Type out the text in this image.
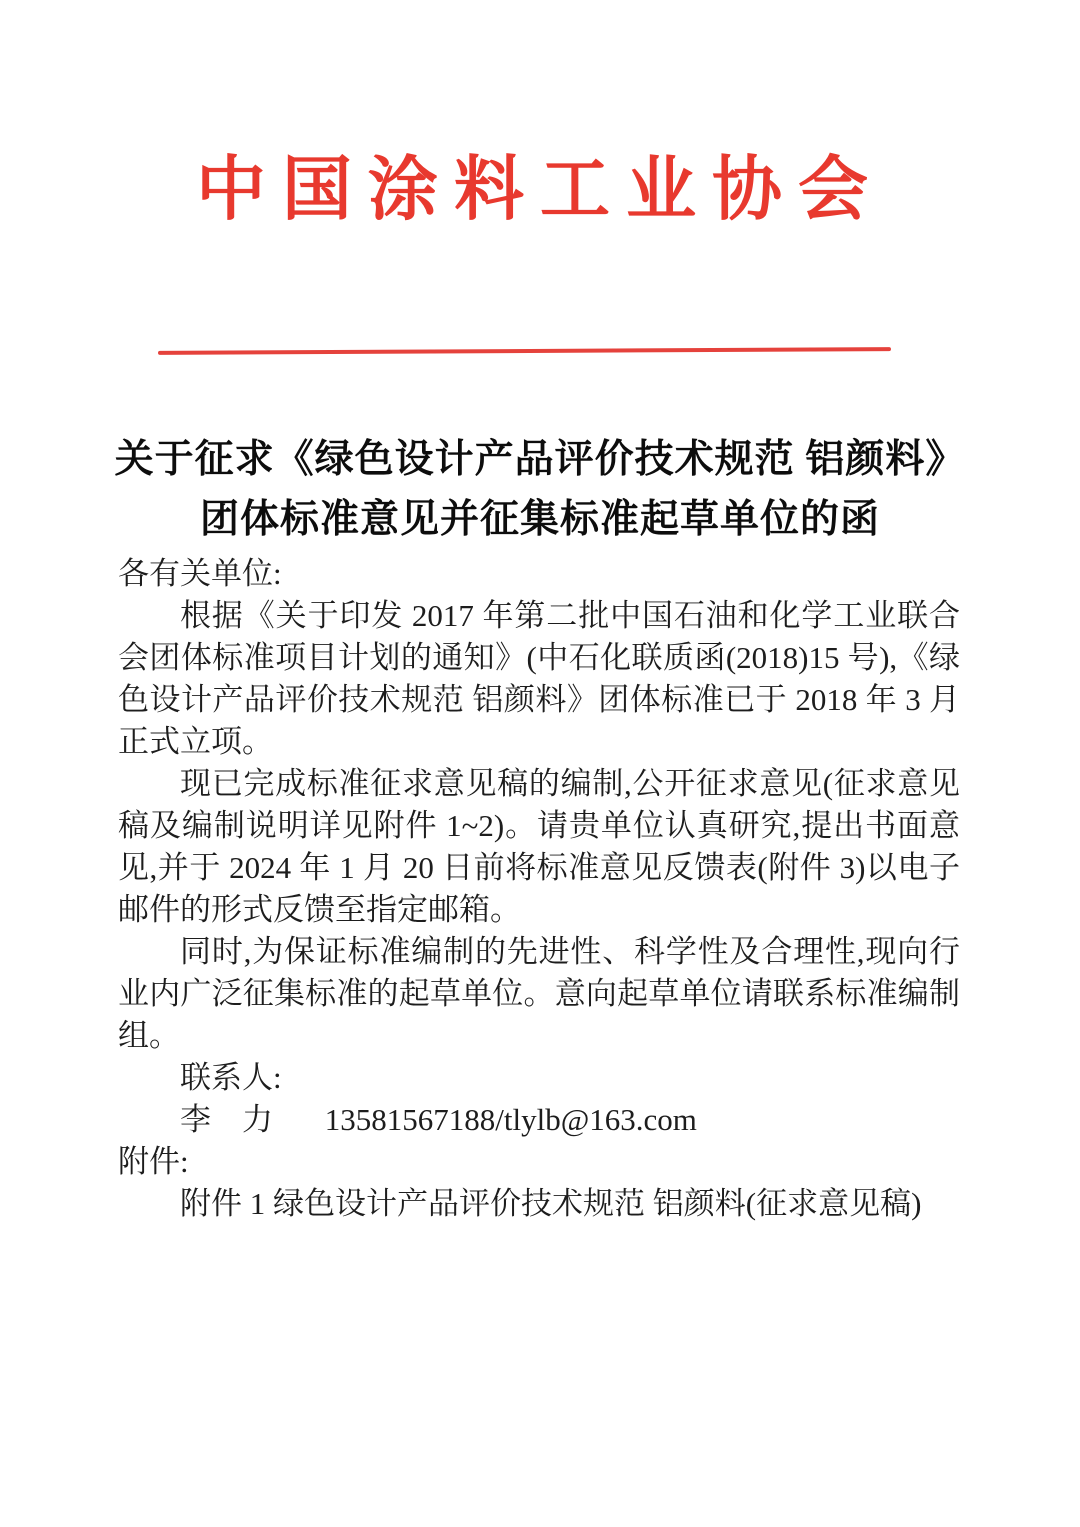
中国涂料工业协会
关于征求《绿色设计产品评价技术规范 铝颜料》
团体标准意见并征集标准起草单位的函

各有关单位:

根据《关于印发 2017 年第二批中国石油和化学工业联合会团体标准项目计划的通知》(中石化联质函(2018)15 号),《绿色设计产品评价技术规范 铝颜料》团体标准已于 2018 年 3 月正式立项。

现已完成标准征求意见稿的编制,公开征求意见(征求意见稿及编制说明详见附件 1~2)。请贵单位认真研究,提出书面意见,并于 2024 年 1 月 20 日前将标准意见反馈表(附件 3)以电子邮件的形式反馈至指定邮箱。

同时,为保证标准编制的先进性、科学性及合理性,现向行业内广泛征集标准的起草单位。意向起草单位请联系标准编制组。

联系人:

李　力 13581567188/tlylb@163.com

附件:

附件 1 绿色设计产品评价技术规范 铝颜料(征求意见稿)
